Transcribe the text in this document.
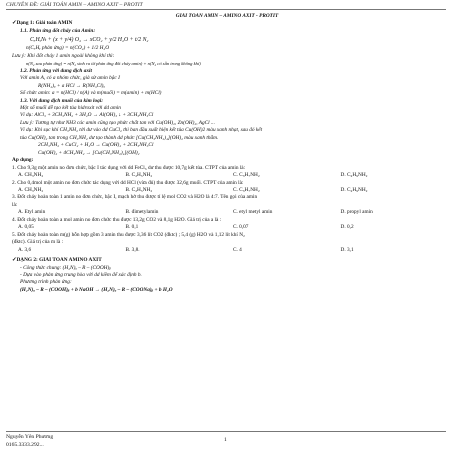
CHUYÊN ĐỀ: GIẢI TOÁN AMIN – AMINO AXIT – PROTIT
GIẢI TOÁN AMIN – AMINO AXIT - PROTIT
✓Dạng 1: Giải toán AMIN
1.1. Phản ứng đốt cháy của Amin:
CₓHᵧNₜ + (x + y/4) O₂ → xCO₂ + y/2 H₂O + t/2 N₂
n(CₓHᵧ phản ứng) = n(CO₂) + 1/2 H₂O
Lưu ý: Khi đốt cháy 1 amin ngoài không khí thì:
n(N₂ sau phản ứng) = n(N₂ sinh ra từ phản ứng đốt cháy amin) + n(N₂ có sẵn trong không khí)
1.2. Phản ứng với dung dịch axit
Với amin A, có a nhóm chức, giả sử amin bậc I
R(NH₂)ₐ + a HCl → R(NH₃Cl)ₐ
Số chức amin: a = n(HCl) / n(A) và m(muối) = m(amin) + m(HCl)
1.3. Với dung dịch muối của kim loại:
Một số muối dễ tạo kết tủa hidroxit với dd amin
Ví dụ: AlCl₃ + 3CH₃NH₂ + 3H₂O → Al(OH)₃ ↓ + 3CH₃NH₃Cl
Lưu ý: Tương tự như NH3 các amin cũng tạo phức chất tan với Cu(OH)₂, Zn(OH)₂, AgCl ...
Ví dụ: Khi sục khí CH₃NH₂ tới dư vào dd CuCl₂ thì ban đầu xuất hiện kết tủa Cu(OH)2 màu xanh nhạt, sau đó kết
tủa Cu(OH)₂ tan trong CH₃NH₂ dư tạo thành dd phức [Cu(CH₃NH₂)₄](OH)₂ màu xanh thẫm.
2CH₃NH₂ + CuCl₂ + H₂O → Cu(OH)₂ + 2CH₃NH₃Cl
Cu(OH)₂ + 4CH₃NH₂ → [Cu(CH₃NH₂)₄](OH)₂
Áp dụng:
1. Cho 9,3g một amin no đơn chức, bậc I tác dụng với dd FeCl₃ dư thu được 10,7g kết tủa. CTPT của amin là:
A. CH₃NH₂	B. C₂H₅NH₂	C. C₃H₇NH₂	D. C₄H₉NH₂
2. Cho 0,4mol một amin no đơn chức tác dụng với dd HCl (vừa đủ) thu được 32,6g muối. CTPT của amin là:
A. CH₃NH₂	B. C₂H₅NH₂	C. C₃H₇NH₂	D. C₄H₉NH₂
3. Đốt cháy hoàn toàn 1 amin no đơn chức, bậc I, mạch hở thu được tỉ lệ mol CO2 và H2O là 4:7. Tên gọi của amin
là:
A. Etyl amin	B. đimetylamin	C. etyl metyl amin	D. propyl amin
4. Đốt cháy hoàn toàn a mol amin no đơn chức thu được 13,2g CO2 và 8,1g H2O. Giá trị của a là :
A. 0,05	B. 0,1	C. 0,07	D. 0,2
5. Đốt cháy hoàn toàn m(g) hỗn hợp gồm 3 amin thu được 3,36 lít CO2 (đktc) ; 5,4 (g) H2O và 1,12 lít khí N₂
(đktc). Giá trị của m là :
A. 3,6	B. 3,8.	C. 4	D. 3,1
✓DẠNG 2: GIẢI TOÁN AMINO AXIT
- Công thức chung: (H₂N)ₐ – R – (COOH)ᵦ
- Dựa vào phản ứng trung hòa với dd kiềm để xác định b.
Phương trình phản ứng:
(H₂N)ₐ – R – (COOH)ᵦ + b NaOH → (H₂N)ₐ – R – (COONa)ᵦ + b H₂O
Nguyễn Yên Phương
0165.3333.292...
1
